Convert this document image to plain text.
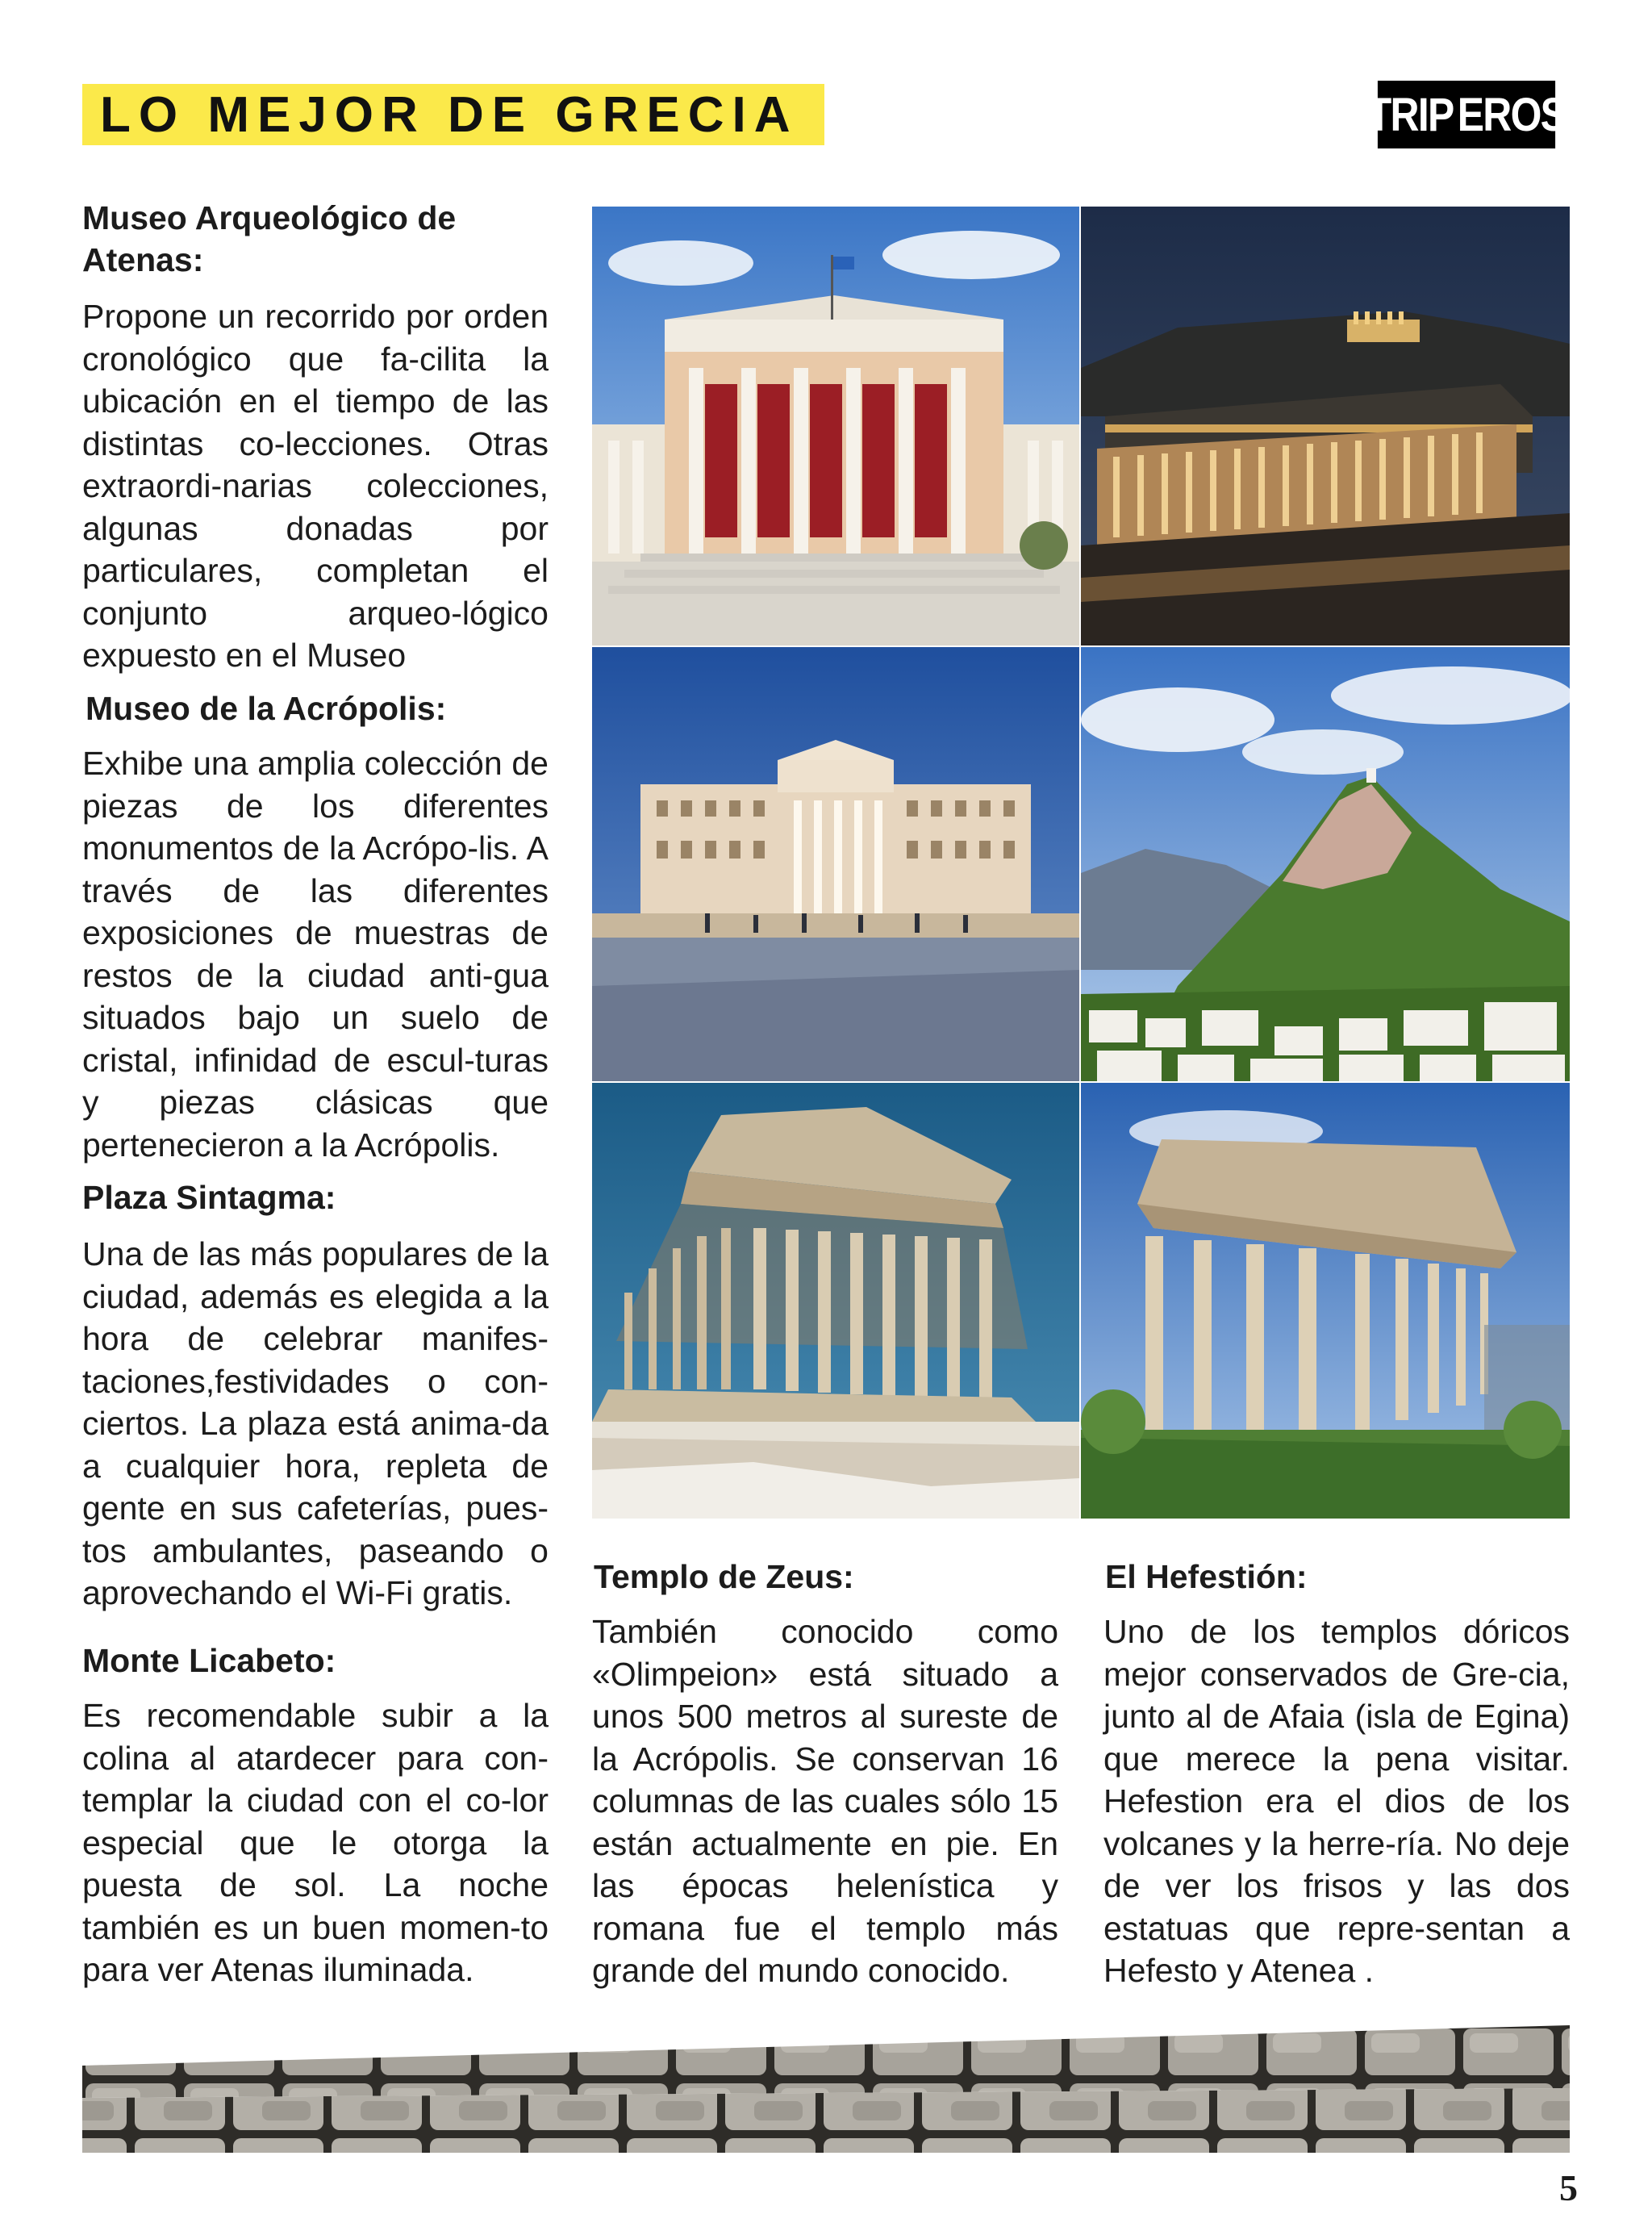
LO MEJOR DE GRECIA	TRIP EROS
Museo Arqueológico de Atenas:

Propone un recorrido por orden cronológico que fa-cilita la ubicación en el tiempo de las distintas co-lecciones. Otras extraordi-narias colecciones, algunas donadas por particulares, completan el conjunto arqueo-lógico expuesto en el Museo

Museo de la Acrópolis:

Exhibe una amplia colección de piezas de los diferentes monumentos de la Acrópo-lis. A través de las diferentes exposiciones de muestras de restos de la ciudad anti-gua situados bajo un suelo de cristal, infinidad de escul-turas y piezas clásicas que pertenecieron a la Acrópolis.

Plaza Sintagma:

Una de las más populares de la ciudad, además es elegida a la hora de celebrar manifes-taciones,festividades o con-ciertos. La plaza está anima-da a cualquier hora, repleta de gente en sus cafeterías, pues-tos ambulantes, paseando o aprovechando el Wi-Fi gratis.

Monte Licabeto:

Es recomendable subir a la colina al atardecer para con-templar la ciudad con el co-lor especial que le otorga la puesta de sol. La noche también es un buen momen-to para ver Atenas iluminada.

Templo de Zeus:

También conocido como «Olimpeion» está situado a unos 500 metros al sureste de la Acrópolis. Se conservan 16 columnas de las cuales sólo 15 están actualmente en pie. En las épocas helenística y romana fue el templo más grande del mundo conocido.

El Hefestión:

Uno de los templos dóricos mejor conservados de Gre-cia, junto al de Afaia (isla de Egina) que merece la pena visitar. Hefestion era el dios de los volcanes y la herre-ría. No deje de ver los frisos y las dos estatuas que repre-sentan a Hefesto y Atenea .

5
